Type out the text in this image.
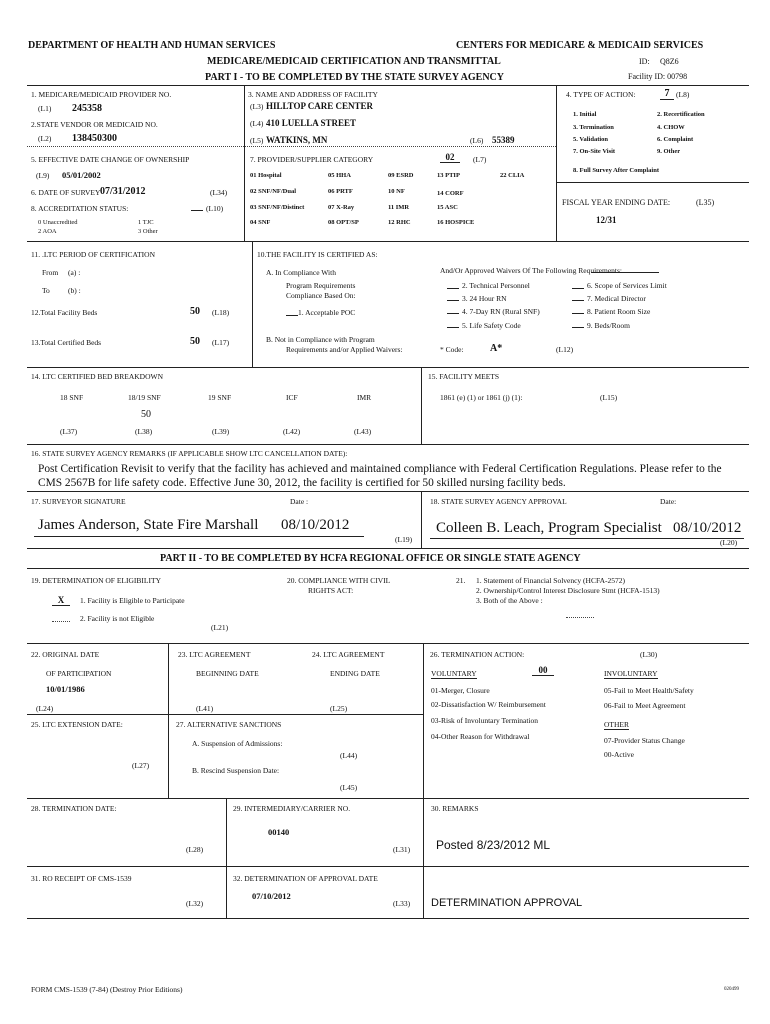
DEPARTMENT OF HEALTH AND HUMAN SERVICES	CENTERS FOR MEDICARE & MEDICAID SERVICES
MEDICARE/MEDICAID CERTIFICATION AND TRANSMITTAL	ID: Q8Z6
PART I - TO BE COMPLETED BY THE STATE SURVEY AGENCY	Facility ID: 00798
1. MEDICARE/MEDICAID PROVIDER NO.
(L1) 245358
2.STATE VENDOR OR MEDICAID NO.
(L2) 138450300
3. NAME AND ADDRESS OF FACILITY
(L3) HILLTOP CARE CENTER
(L4) 410 LUELLA STREET
(L5) WATKINS, MN	(L6) 55389
4. TYPE OF ACTION:	7 (L8)
1. Initial	2. Recertification
3. Termination	4. CHOW
5. Validation	6. Complaint
7. On-Site Visit	9. Other
8. Full Survey After Complaint
5. EFFECTIVE DATE CHANGE OF OWNERSHIP
(L9) 05/01/2002
6. DATE OF SURVEY 07/31/2012	(L34)
8. ACCREDITATION STATUS:	(L10)
0 Unaccredited	1 TJC
2 AOA	3 Other
7. PROVIDER/SUPPLIER CATEGORY	02	(L7)
01 Hospital	05 HHA	09 ESRD	13 PTIP	22 CLIA
02 SNF/NF/Dual	06 PRTF	10 NF	14 CORF
03 SNF/NF/Distinct	07 X-Ray	11 IMR	15 ASC
04 SNF	08 OPT/SP	12 RHC	16 HOSPICE
FISCAL YEAR ENDING DATE:	(L35)
12/31
11. .LTC PERIOD OF CERTIFICATION
From (a) :
To (b) :
12.Total Facility Beds	50 (L18)
13.Total Certified Beds	50 (L17)
10.THE FACILITY IS CERTIFIED AS:
A. In Compliance With
Program Requirements
Compliance Based On:
1. Acceptable POC
B. Not in Compliance with Program
Requirements and/or Applied Waivers:
And/Or Approved Waivers Of The Following Requirements:
2. Technical Personnel
3. 24 Hour RN
4. 7-Day RN (Rural SNF)
5. Life Safety Code
6. Scope of Services Limit
7. Medical Director
8. Patient Room Size
9. Beds/Room
* Code:	A*	(L12)
14. LTC CERTIFIED BED BREAKDOWN
18 SNF	18/19 SNF	19 SNF	ICF	IMR
50
(L37)	(L38)	(L39)	(L42)	(L43)
15. FACILITY MEETS
1861 (e) (1) or 1861 (j) (1):	(L15)
16. STATE SURVEY AGENCY REMARKS (IF APPLICABLE SHOW LTC CANCELLATION DATE):
Post Certification Revisit to verify that the facility has achieved and maintained compliance with Federal Certification Regulations. Please refer to the
CMS 2567B for life safety code. Effective June 30, 2012, the facility is certified for 50 skilled nursing facility beds.
17. SURVEYOR SIGNATURE	Date :
James Anderson, State Fire Marshall 08/10/2012
(L19)
18. STATE SURVEY AGENCY APPROVAL	Date:
Colleen B. Leach, Program Specialist 08/10/2012
(L20)
PART II - TO BE COMPLETED BY HCFA REGIONAL OFFICE OR SINGLE STATE AGENCY
19. DETERMINATION OF ELIGIBILITY
X	1. Facility is Eligible to Participate
2. Facility is not Eligible
(L21)
20. COMPLIANCE WITH CIVIL
RIGHTS ACT:
21. 1. Statement of Financial Solvency (HCFA-2572)
2. Ownership/Control Interest Disclosure Stmt (HCFA-1513)
3. Both of the Above :
22. ORIGINAL DATE
OF PARTICIPATION
10/01/1986
(L24)
23. LTC AGREEMENT
BEGINNING DATE
(L41)
24. LTC AGREEMENT
ENDING DATE
(L25)
26. TERMINATION ACTION:	(L30)
VOLUNTARY	00	INVOLUNTARY
01-Merger, Closure
02-Dissatisfaction W/ Reimbursement
03-Risk of Involuntary Termination
04-Other Reason for Withdrawal
05-Fail to Meet Health/Safety
06-Fail to Meet Agreement
OTHER
07-Provider Status Change
00-Active
25. LTC EXTENSION DATE:
(L27)
27. ALTERNATIVE SANCTIONS
A. Suspension of Admissions:
(L44)
B. Rescind Suspension Date:
(L45)
28. TERMINATION DATE:
(L28)
29. INTERMEDIARY/CARRIER NO.
00140
(L31)
30. REMARKS
Posted 8/23/2012 ML
31. RO RECEIPT OF CMS-1539
(L32)
32. DETERMINATION OF APPROVAL DATE
07/10/2012
(L33) DETERMINATION APPROVAL
FORM CMS-1539 (7-84) (Destroy Prior Editions)	020499
